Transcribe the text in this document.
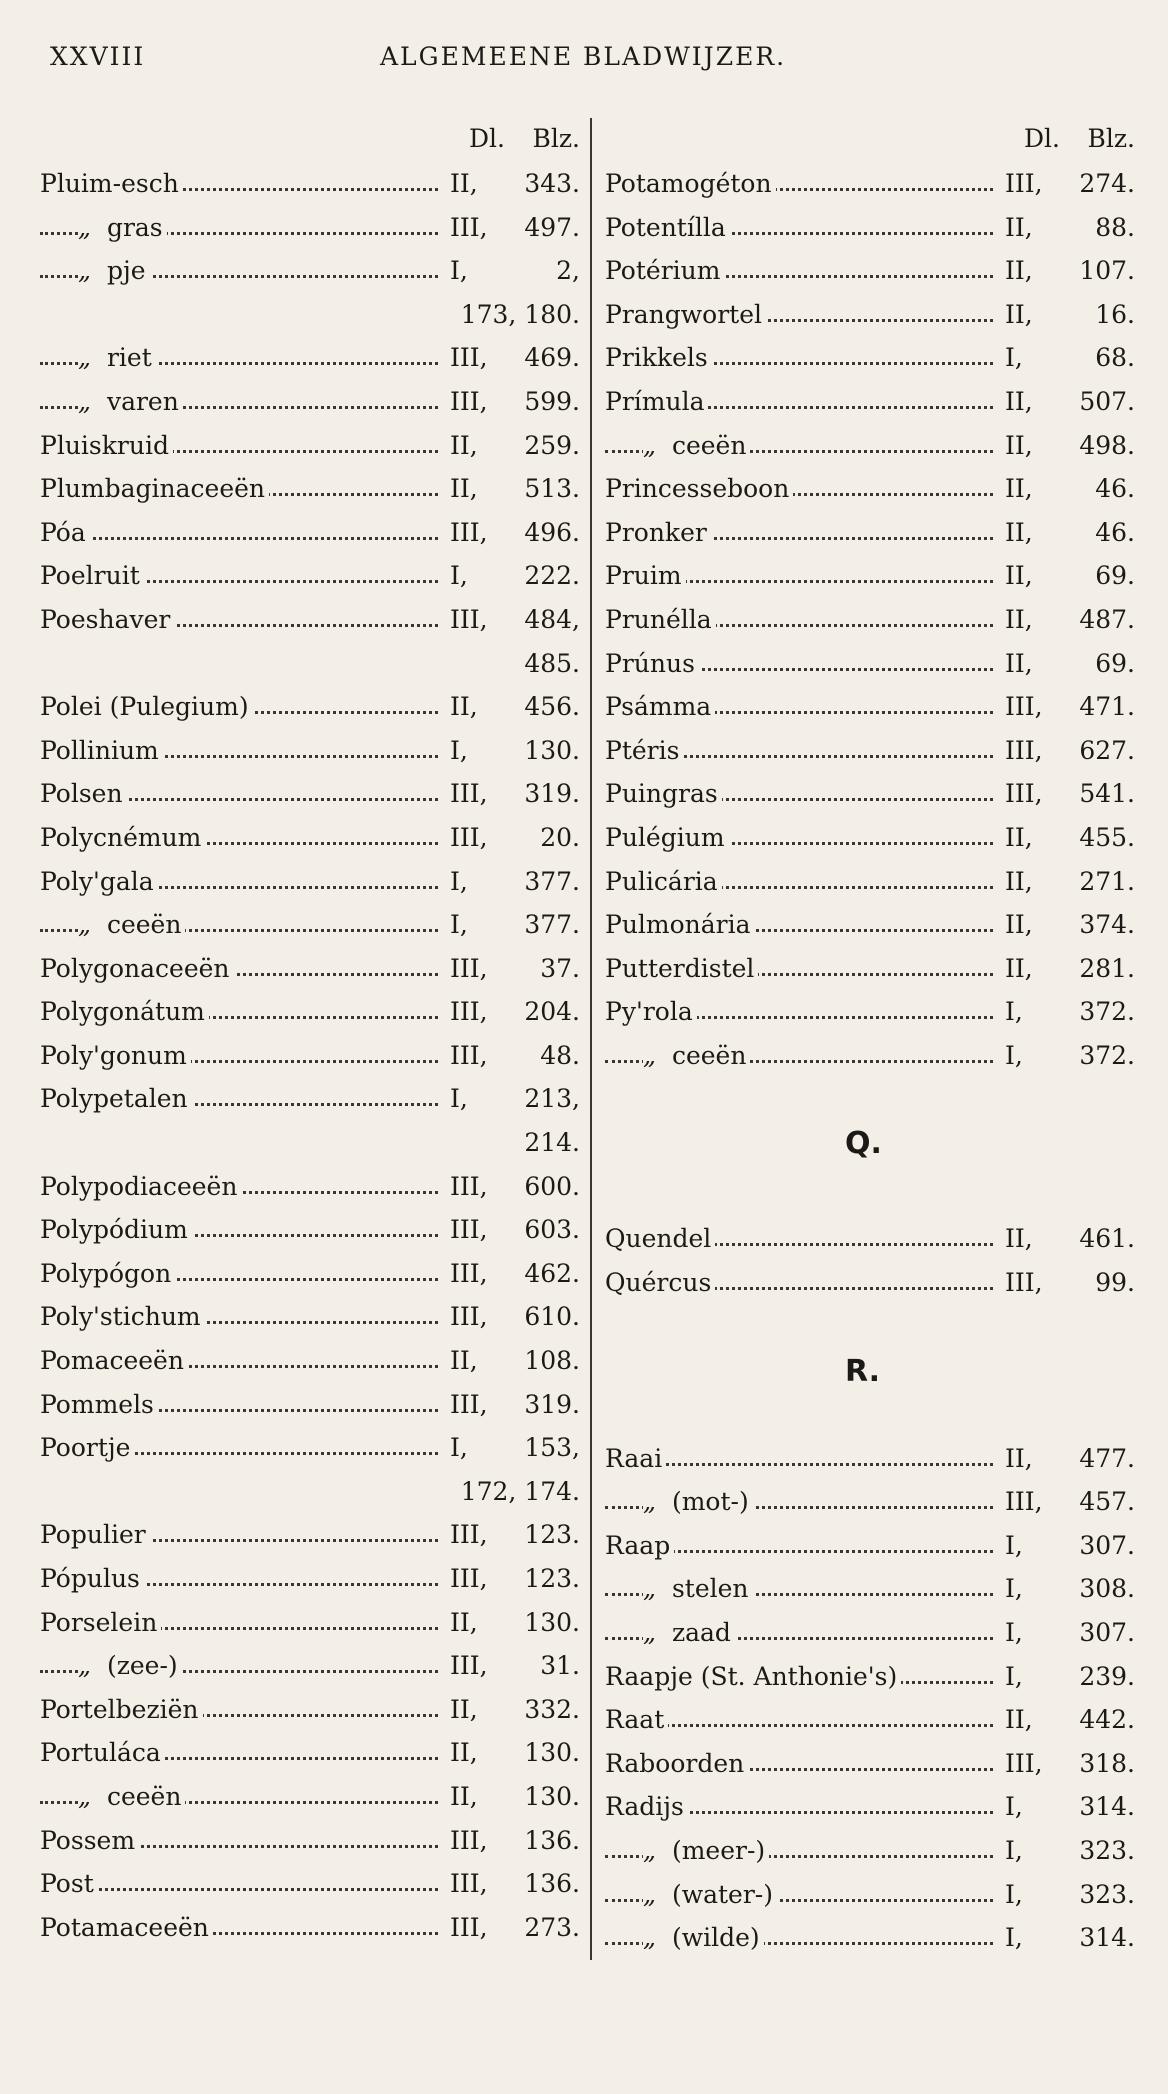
XXVIII	ALGEMEENE BLADWIJZER.
Dl. Blz.
Pluim-esch	II, 343.
„ gras	III, 497.
„ pje	I,	2,
173, 180.
„ riet	III, 469.
„ varen	III, 599.
Pluiskruid	II, 259.
Plumbaginaceeën	II, 513.
Póa	III, 496.
Poelruit	I, 222.
Poeshaver	III, 484,
485.
Polei (Pulegium)	II, 456.
Pollinium	I, 130.
Polsen	III, 319.
Polycnémum	III, 20.
Poly'gala	I, 377.
„ ceeën	I, 377.
Polygonaceeën	III, 37.
Polygonátum	III, 204.
Poly'gonum	III, 48.
Polypetalen	I, 213,
214.
Polypodiaceeën	III, 600.
Polypódium	III, 603.
Polypógon	III, 462.
Poly'stichum	III, 610.
Pomaceeën	II, 108.
Pommels	III, 319.
Poortje	I, 153,
172, 174.
Populier	III, 123.
Pópulus	III, 123.
Porselein	II, 130.
„ (zee-)	III, 31.
Portelbeziën	II, 332.
Portuláca	II, 130.
„ ceeën	II, 130.
Possem	III, 136.
Post	III, 136.
Potamaceeën	III, 273.
Dl. Blz.
Potamogéton	III, 274.
Potentílla	II,	88.
Potérium	II, 107.
Prangwortel	II,	16.
Prikkels	I,	68.
Prímula	II, 507.
„ ceeën	II, 498.
Princesseboon	II,	46.
Pronker	II,	46.
Pruim	II,	69.
Prunélla	II, 487.
Prúnus	II,	69.
Psámma	III, 471.
Ptéris	III, 627.
Puingras	III, 541.
Pulégium	II, 455.
Pulicária	II, 271.
Pulmonária	II, 374.
Putterdistel	II, 281.
Py'rola	I, 372.
„ ceeën	I, 372.
Q.
Quendel	II, 461.
Quércus	III, 99.
R.
Raai	II, 477.
„ (mot-)	III, 457.
Raap	I, 307.
„ stelen	I, 308.
„ zaad	I, 307.
Raapje (St. Anthonie's)	I, 239.
Raat	II, 442.
Raboorden	III, 318.
Radijs	I, 314.
„ (meer-)	I, 323.
„ (water-)	I, 323.
„ (wilde)	I, 314.
